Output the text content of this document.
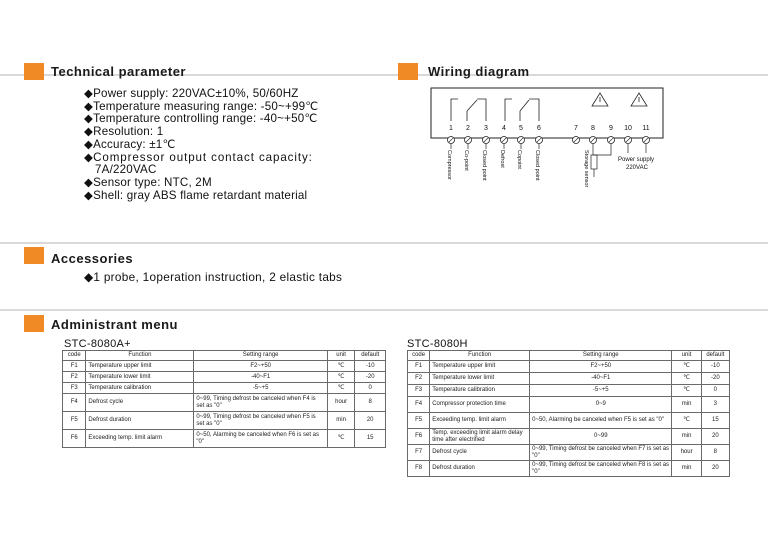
Technical parameter
◆Power supply: 220VAC±10%, 50/60HZ
◆Temperature measuring range: -50~+99℃
◆Temperature controlling range: -40~+50℃
◆Resolution: 1
◆Accuracy: ±1℃
◆Compressor output contact capacity:
7A/220VAC
◆Sensor type: NTC, 2M
◆Shell: gray ABS flame retardant material
Wiring diagram
1 2 3 4 5 6	7 8 9 10 11
Compressor Co-point Closed point Defrost Copoint Closed point	Storage sensor	Power supply
220VAC
Accessories
◆1 probe, 1operation instruction, 2 elastic tabs
Administrant menu
STC-8080A+	STC-8080H
code	Function	Setting range	unit	default
F1	Temperature upper limit	F2~+50	℃	-10
F2	Temperature lower limit	-40~F1	℃	-20
F3	Temperature calibration	-5~+5	℃	0
F4	Defrost cycle	0~99, Timing defrost be canceled when F4 is set as "0"	hour	8
F5	Defrost duration	0~99, Timing defrost be canceled when F5 is set as "0"	min	20
F6	Exceeding temp. limit alarm	0~50, Alarming be canceled when F6 is set as "0"	℃	15
code	Function	Setting range	unit	default
F1	Temperature upper limit	F2~+50	℃	-10
F2	Temperature lower limit	-40~F1	℃	-20
F3	Temperature calibration	-5~+5	℃	0
F4	Compressor protection time	0~9	min	3
F5	Exceeding temp. limit alarm	0~50, Alarming be canceled when F5 is set as "0"	℃	15
F6	Temp. exceeding limit alarm delay time after electrified	0~99	min	20
F7	Defrost cycle	0~99, Timing defrost be canceled when F7 is set as "0"	hour	8
F8	Defrost duration	0~99, Timing defrost be canceled when F8 is set as "0"	min	20
